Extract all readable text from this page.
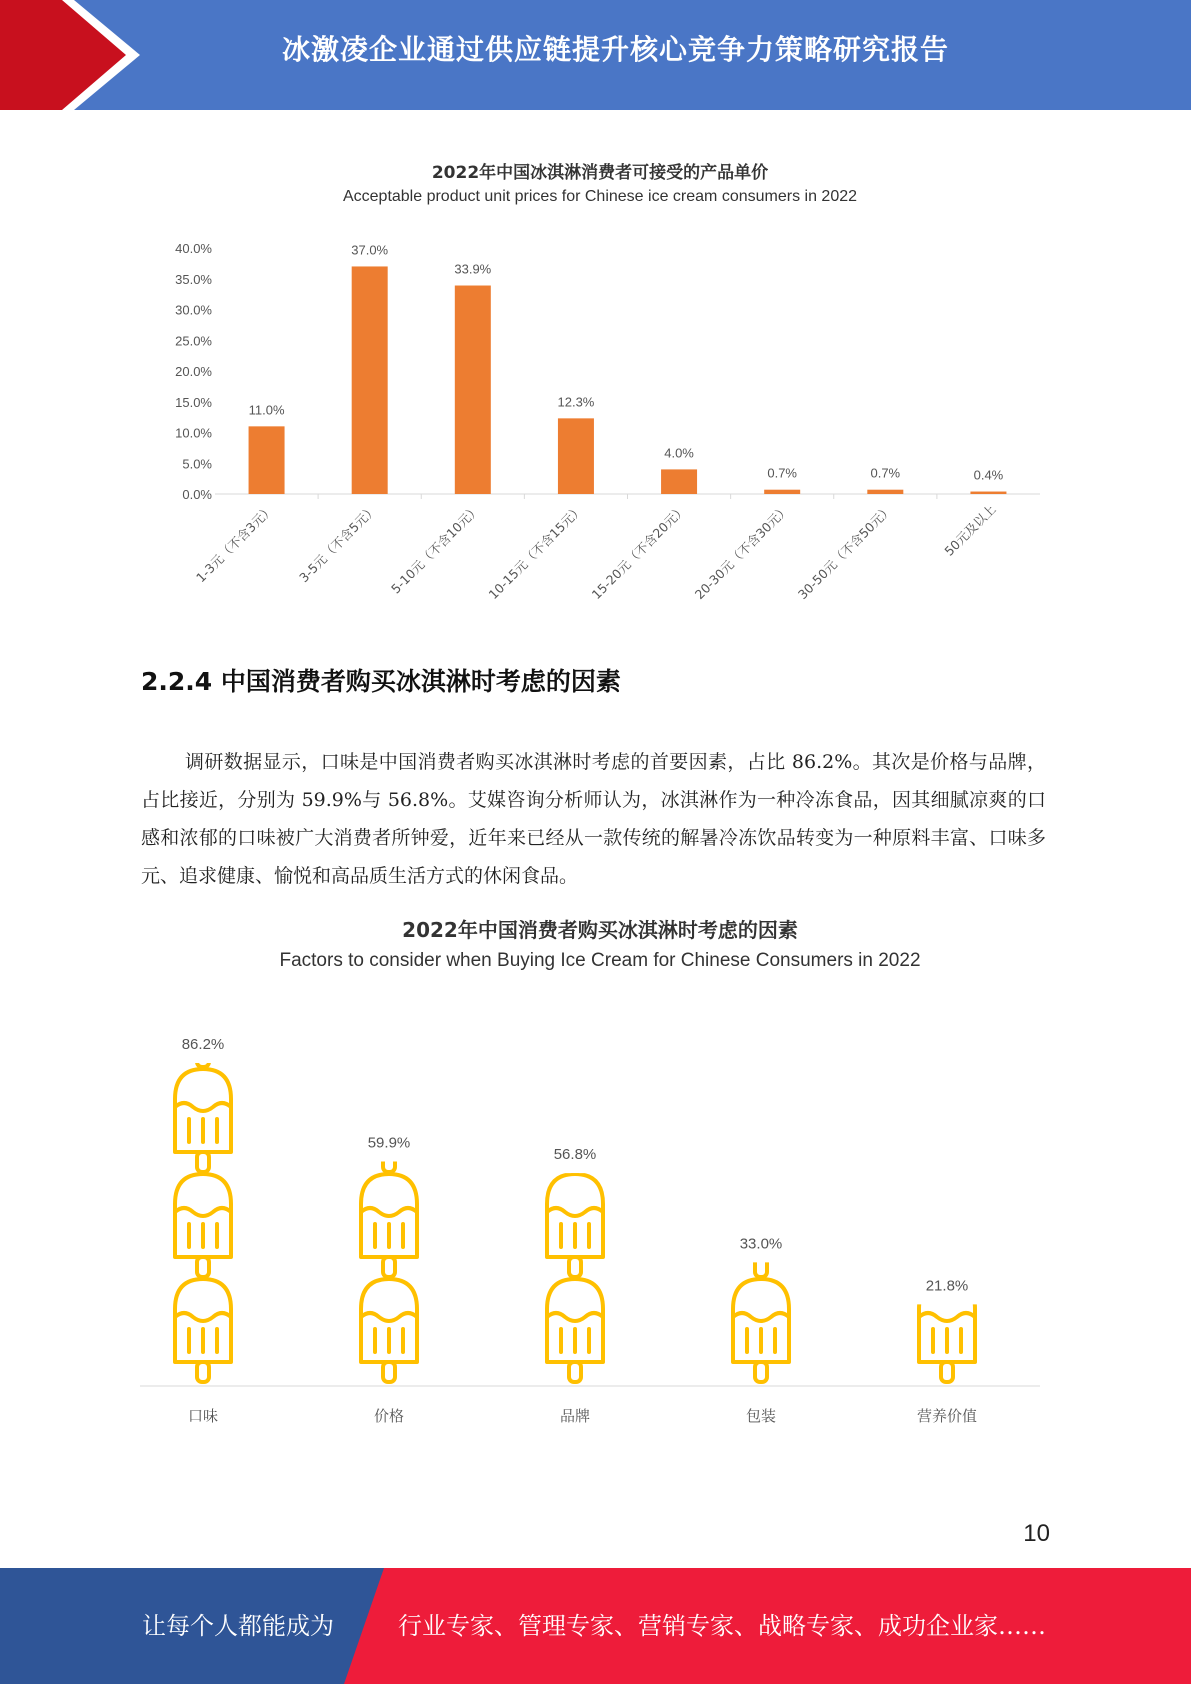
冰激凌企业通过供应链提升核心竞争力策略研究报告
2022年中国冰淇淋消费者可接受的产品单价
Acceptable product unit prices for Chinese ice cream consumers in 2022
0.0%
5.0%
10.0%
15.0%
20.0%
25.0%
30.0%
35.0%
40.0%
11.0%
1-3元（不含3元）
37.0%
3-5元（不含5元）
33.9%
5-10元（不含10元）
12.3%
10-15元（不含15元）
4.0%
15-20元（不含20元）
0.7%
20-30元（不含30元）
0.7%
30-50元（不含50元）
0.4%
50元及以上
2.2.4 中国消费者购买冰淇淋时考虑的因素
调研数据显示，口味是中国消费者购买冰淇淋时考虑的首要因素，占比 86.2%。其次是价格与品牌，占比接近，分别为 59.9%与 56.8%。艾媒咨询分析师认为，冰淇淋作为一种冷冻食品，因其细腻凉爽的口感和浓郁的口味被广大消费者所钟爱，近年来已经从一款传统的解暑冷冻饮品转变为一种原料丰富、口味多元、追求健康、愉悦和高品质生活方式的休闲食品。
2022年中国消费者购买冰淇淋时考虑的因素
Factors to consider when Buying Ice Cream for Chinese Consumers in 2022
86.2%
口味
59.9%
价格
56.8%
品牌
33.0%
包装
21.8%
营养价值
10
让每个人都能成为	行业专家、管理专家、营销专家、战略专家、成功企业家……
